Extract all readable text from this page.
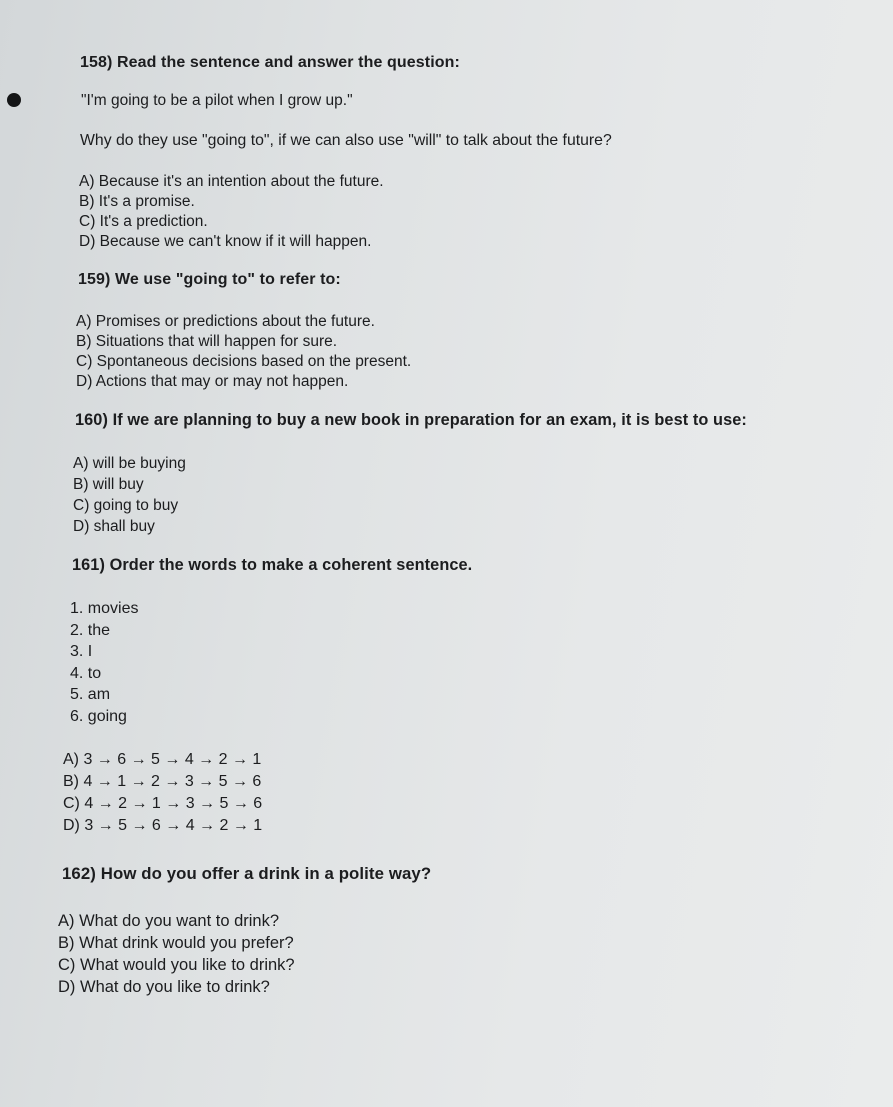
158) Read the sentence and answer the question:

"I'm going to be a pilot when I grow up."

Why do they use "going to", if we can also use "will" to talk about the future?

A) Because it's an intention about the future.
B) It's a promise.
C) It's a prediction.
D) Because we can't know if it will happen.

159) We use "going to" to refer to:

A) Promises or predictions about the future.
B) Situations that will happen for sure.
C) Spontaneous decisions based on the present.
D) Actions that may or may not happen.

160) If we are planning to buy a new book in preparation for an exam, it is best to use:

A) will be buying
B) will buy
C) going to buy
D) shall buy

161) Order the words to make a coherent sentence.

1. movies
2. the
3. I
4. to
5. am
6. going
A) 3 → 6 → 5 → 4 → 2 → 1
B) 4 → 1 → 2 → 3 → 5 → 6
C) 4 → 2 → 1 → 3 → 5 → 6
D) 3 → 5 → 6 → 4 → 2 → 1

162) How do you offer a drink in a polite way?

A) What do you want to drink?
B) What drink would you prefer?
C) What would you like to drink?
D) What do you like to drink?
